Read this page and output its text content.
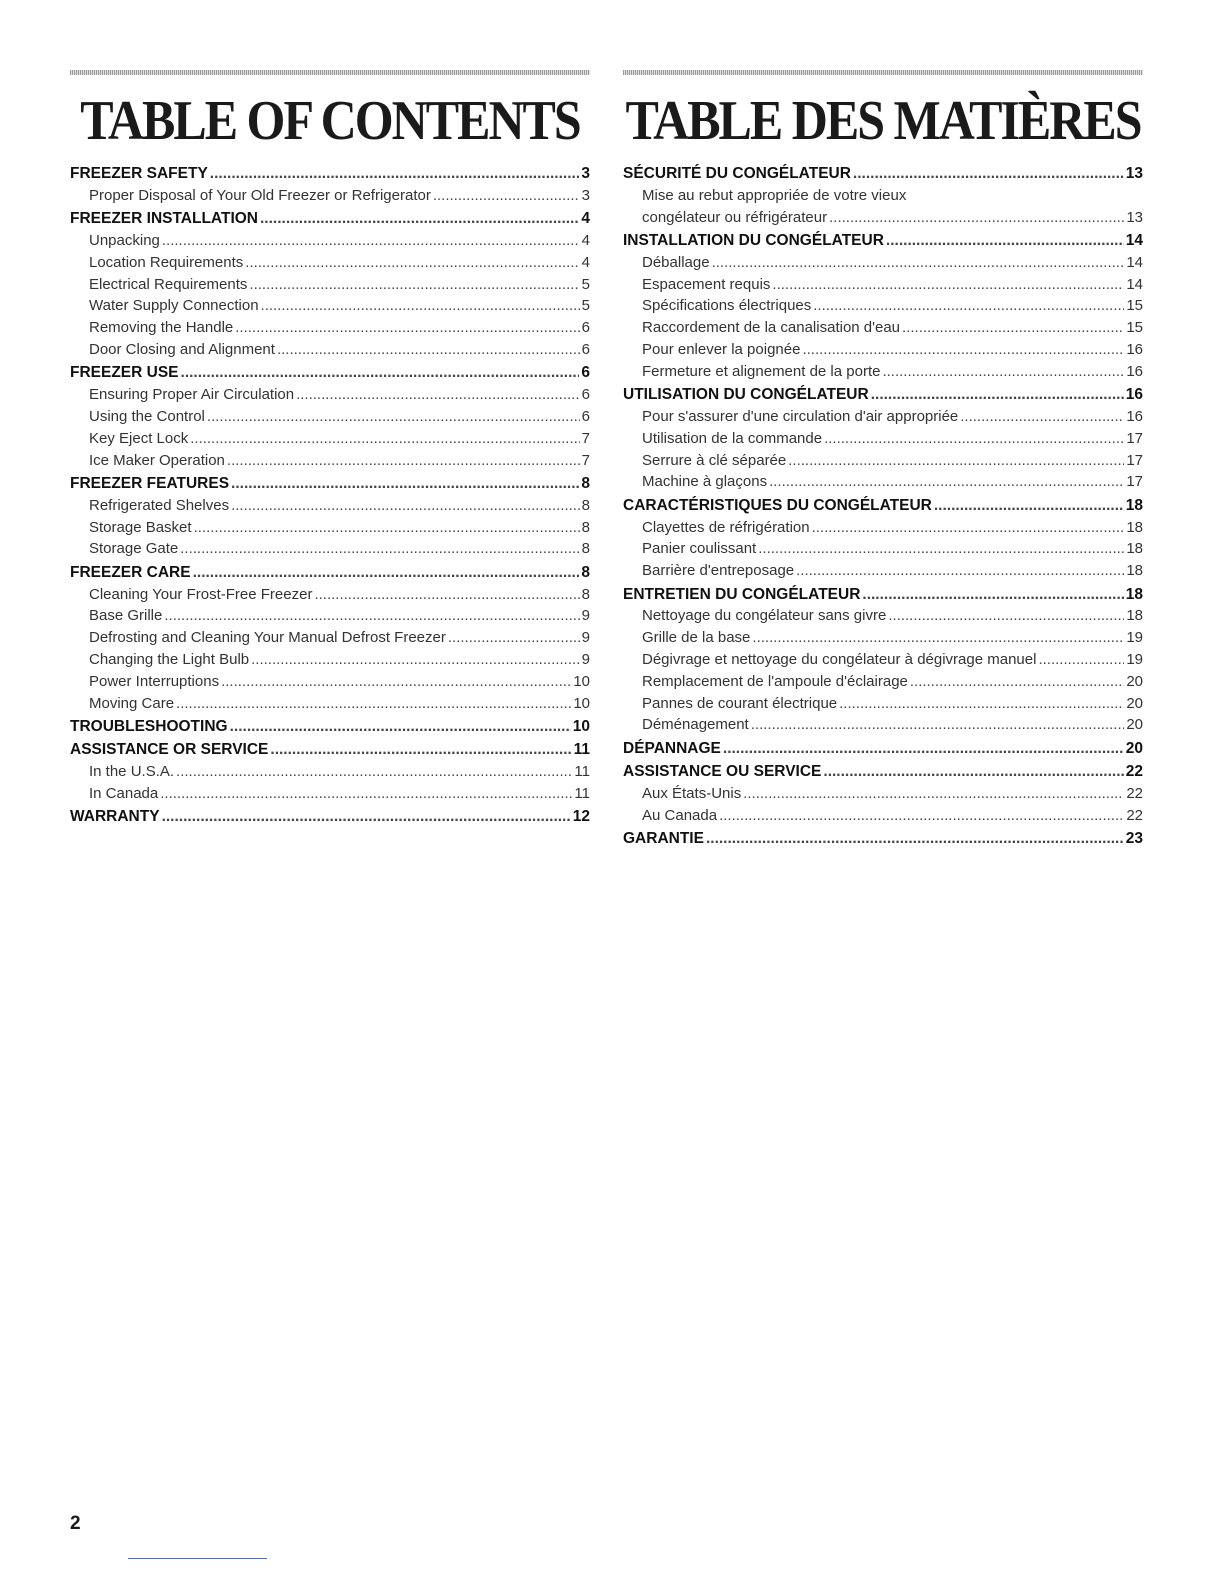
TABLE OF CONTENTS
FREEZER SAFETY .....	3
Proper Disposal of Your Old Freezer or Refrigerator .....	3
FREEZER INSTALLATION .....	4
Unpacking .....	4
Location Requirements .....	4
Electrical Requirements .....	5
Water Supply Connection .....	5
Removing the Handle .....	6
Door Closing and Alignment .....	6
FREEZER USE .....	6
Ensuring Proper Air Circulation .....	6
Using the Control .....	6
Key Eject Lock .....	7
Ice Maker Operation .....	7
FREEZER FEATURES .....	8
Refrigerated Shelves .....	8
Storage Basket .....	8
Storage Gate .....	8
FREEZER CARE .....	8
Cleaning Your Frost-Free Freezer .....	8
Base Grille .....	9
Defrosting and Cleaning Your Manual Defrost Freezer .....	9
Changing the Light Bulb .....	9
Power Interruptions .....	10
Moving Care .....	10
TROUBLESHOOTING .....	10
ASSISTANCE OR SERVICE .....	11
In the U.S.A. .....	11
In Canada .....	11
WARRANTY .....	12
TABLE DES MATIÈRES
SÉCURITÉ DU CONGÉLATEUR .....	13
Mise au rebut appropriée de votre vieux
congélateur ou réfrigérateur .....	13
INSTALLATION DU CONGÉLATEUR .....	14
Déballage .....	14
Espacement requis .....	14
Spécifications électriques .....	15
Raccordement de la canalisation d'eau .....	15
Pour enlever la poignée .....	16
Fermeture et alignement de la porte .....	16
UTILISATION DU CONGÉLATEUR .....	16
Pour s'assurer d'une circulation d'air appropriée .....	16
Utilisation de la commande .....	17
Serrure à clé séparée .....	17
Machine à glaçons .....	17
CARACTÉRISTIQUES DU CONGÉLATEUR .....	18
Clayettes de réfrigération .....	18
Panier coulissant .....	18
Barrière d'entreposage .....	18
ENTRETIEN DU CONGÉLATEUR .....	18
Nettoyage du congélateur sans givre .....	18
Grille de la base .....	19
Dégivrage et nettoyage du congélateur à dégivrage manuel .....	19
Remplacement de l'ampoule d'éclairage .....	20
Pannes de courant électrique .....	20
Déménagement .....	20
DÉPANNAGE .....	20
ASSISTANCE OU SERVICE .....	22
Aux États-Unis .....	22
Au Canada .....	22
GARANTIE .....	23
2
